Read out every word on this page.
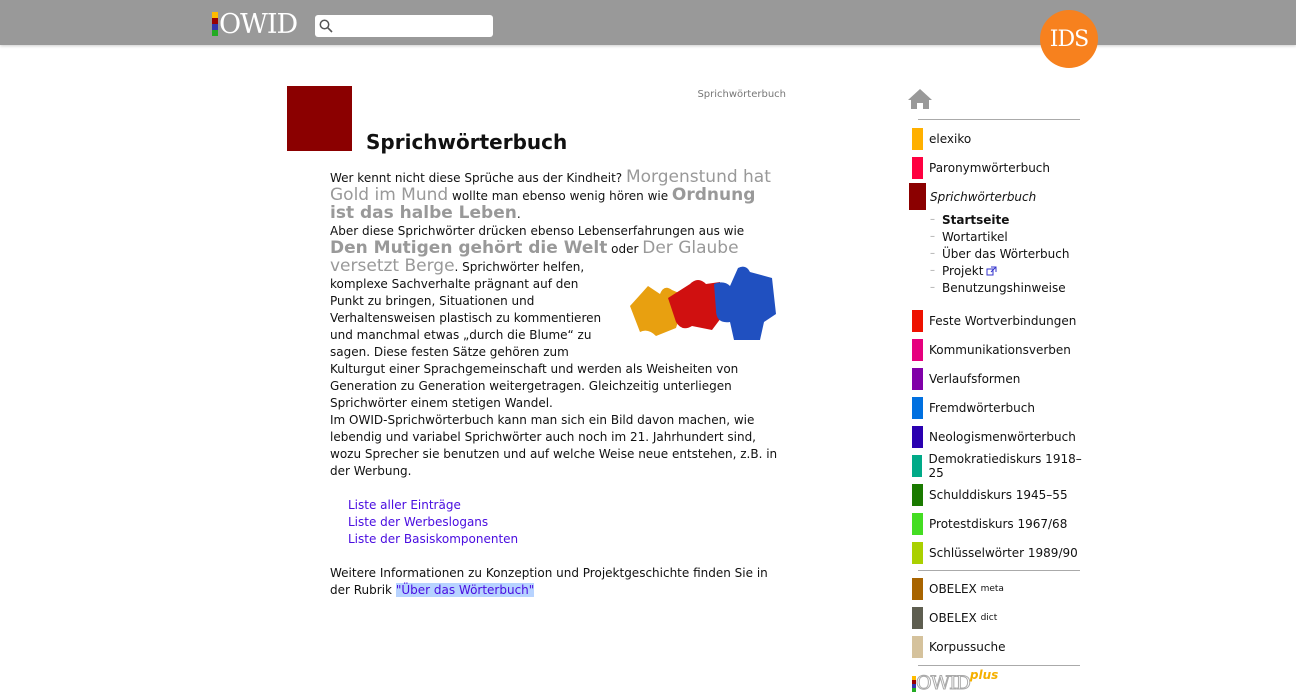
OWID	IDS
Sprichwörterbuch
Sprichwörterbuch

Wer kennt nicht diese Sprüche aus der Kindheit? Morgenstund hat Gold im Mund wollte man ebenso wenig hören wie Ordnung ist das halbe Leben.

Aber diese Sprichwörter drücken ebenso Lebenserfahrungen aus wie
Den Mutigen gehört die Welt oder Der Glaube versetzt Berge
. Sprichwörter helfen, komplexe Sachverhalte prägnant auf den Punkt zu bringen, Situationen und Verhaltensweisen plastisch zu kommentieren und manchmal etwas „durch die Blume“ zu sagen. Diese festen Sätze gehören zum Kulturgut einer Sprachgemeinschaft und werden als Weisheiten von Generation zu Generation weitergetragen. Gleichzeitig unterliegen Sprichwörter einem stetigen Wandel.

Im OWID-Sprichwörterbuch kann man sich ein Bild davon machen, wie lebendig und variabel Sprichwörter auch noch im 21. Jahrhundert sind, wozu Sprecher sie benutzen und auf welche Weise neue entstehen, z.B. in der Werbung.

Liste aller Einträge
Liste der Werbeslogans
Liste der Basiskomponenten

Weitere Informationen zu Konzeption und Projektgeschichte finden Sie in der Rubrik "Über das Wörterbuch"

elexiko
Paronymwörterbuch
Sprichwörterbuch
– Startseite
– Wortartikel
– Über das Wörterbuch
– Projekt
– Benutzungshinweise
Feste Wortverbindungen
Kommunikationsverben
Verlaufsformen
Fremdwörterbuch
Neologismenwörterbuch
Demokratiediskurs 1918–25
Schulddiskurs 1945–55
Protestdiskurs 1967/68
Schlüsselwörter 1989/90
OBELEX
meta
OBELEX
dict
Korpussuche
OWID plus
